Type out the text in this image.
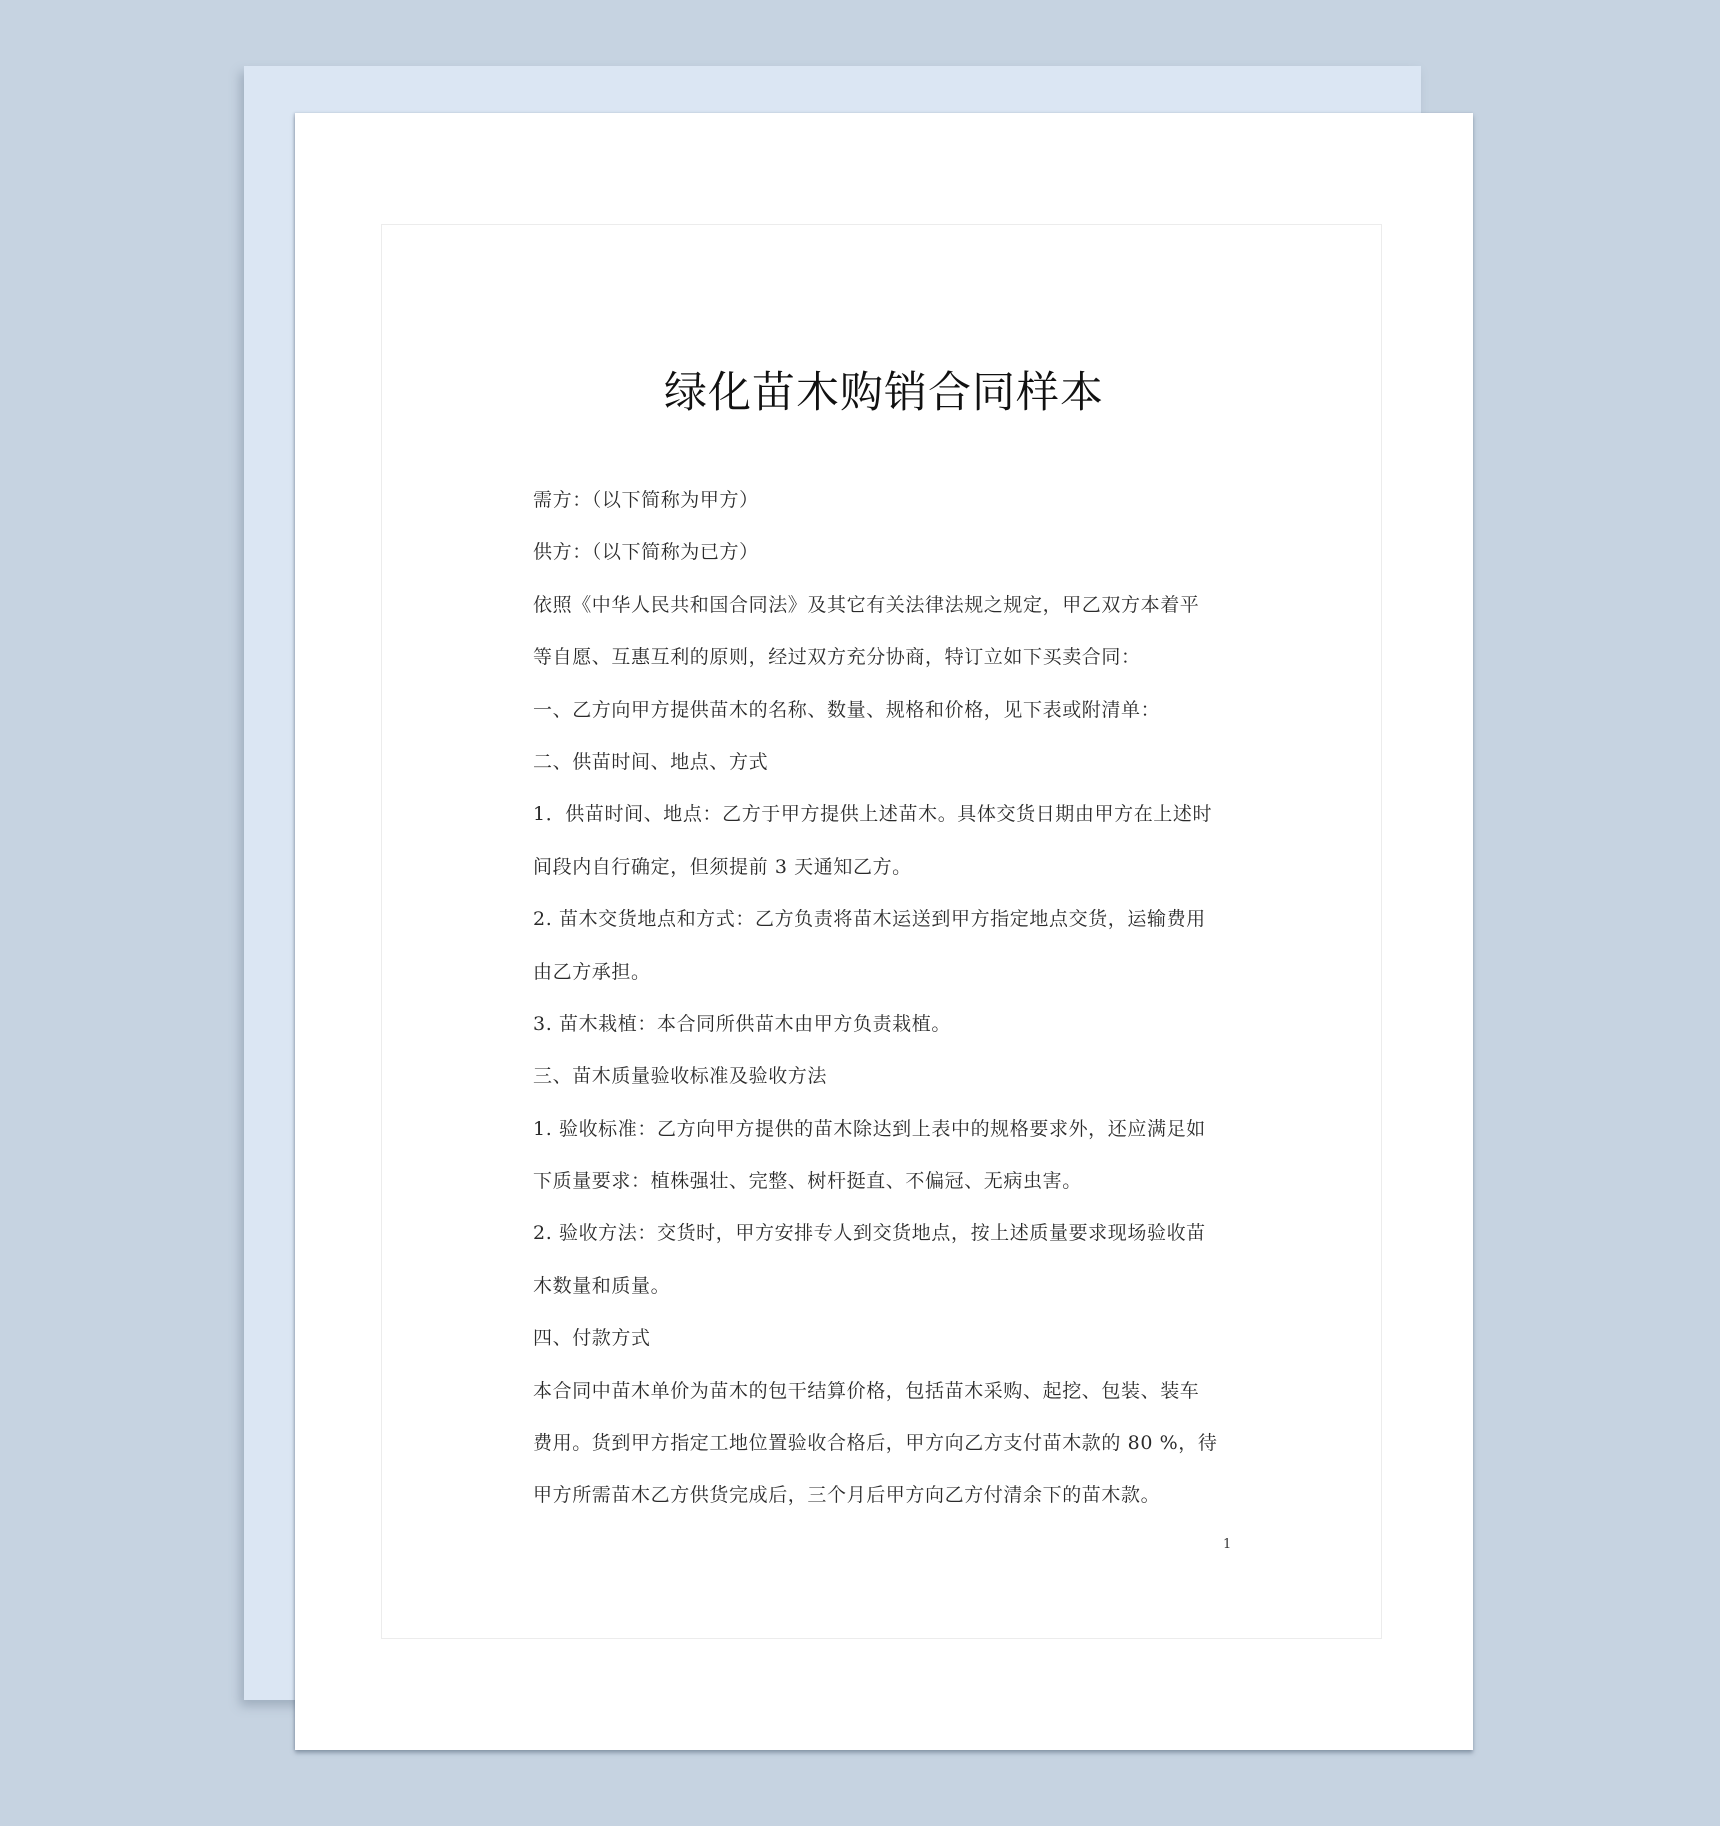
绿化苗木购销合同样本
需方：（以下简称为甲方）
供方：（以下简称为已方）
依照《中华人民共和国合同法》及其它有关法律法规之规定，甲乙双方本着平
等自愿、互惠互利的原则，经过双方充分协商，特订立如下买卖合同：
一、乙方向甲方提供苗木的名称、数量、规格和价格，见下表或附清单：
二、供苗时间、地点、方式
1．供苗时间、地点：乙方于甲方提供上述苗木。具体交货日期由甲方在上述时
间段内自行确定，但须提前 3 天通知乙方。
2. 苗木交货地点和方式：乙方负责将苗木运送到甲方指定地点交货，运输费用
由乙方承担。
3. 苗木栽植：本合同所供苗木由甲方负责栽植。
三、苗木质量验收标准及验收方法
1. 验收标准：乙方向甲方提供的苗木除达到上表中的规格要求外，还应满足如
下质量要求：植株强壮、完整、树杆挺直、不偏冠、无病虫害。
2. 验收方法：交货时，甲方安排专人到交货地点，按上述质量要求现场验收苗
木数量和质量。
四、付款方式
本合同中苗木单价为苗木的包干结算价格，包括苗木采购、起挖、包装、装车
费用。货到甲方指定工地位置验收合格后，甲方向乙方支付苗木款的 80 %，待
甲方所需苗木乙方供货完成后，三个月后甲方向乙方付清余下的苗木款。
1
